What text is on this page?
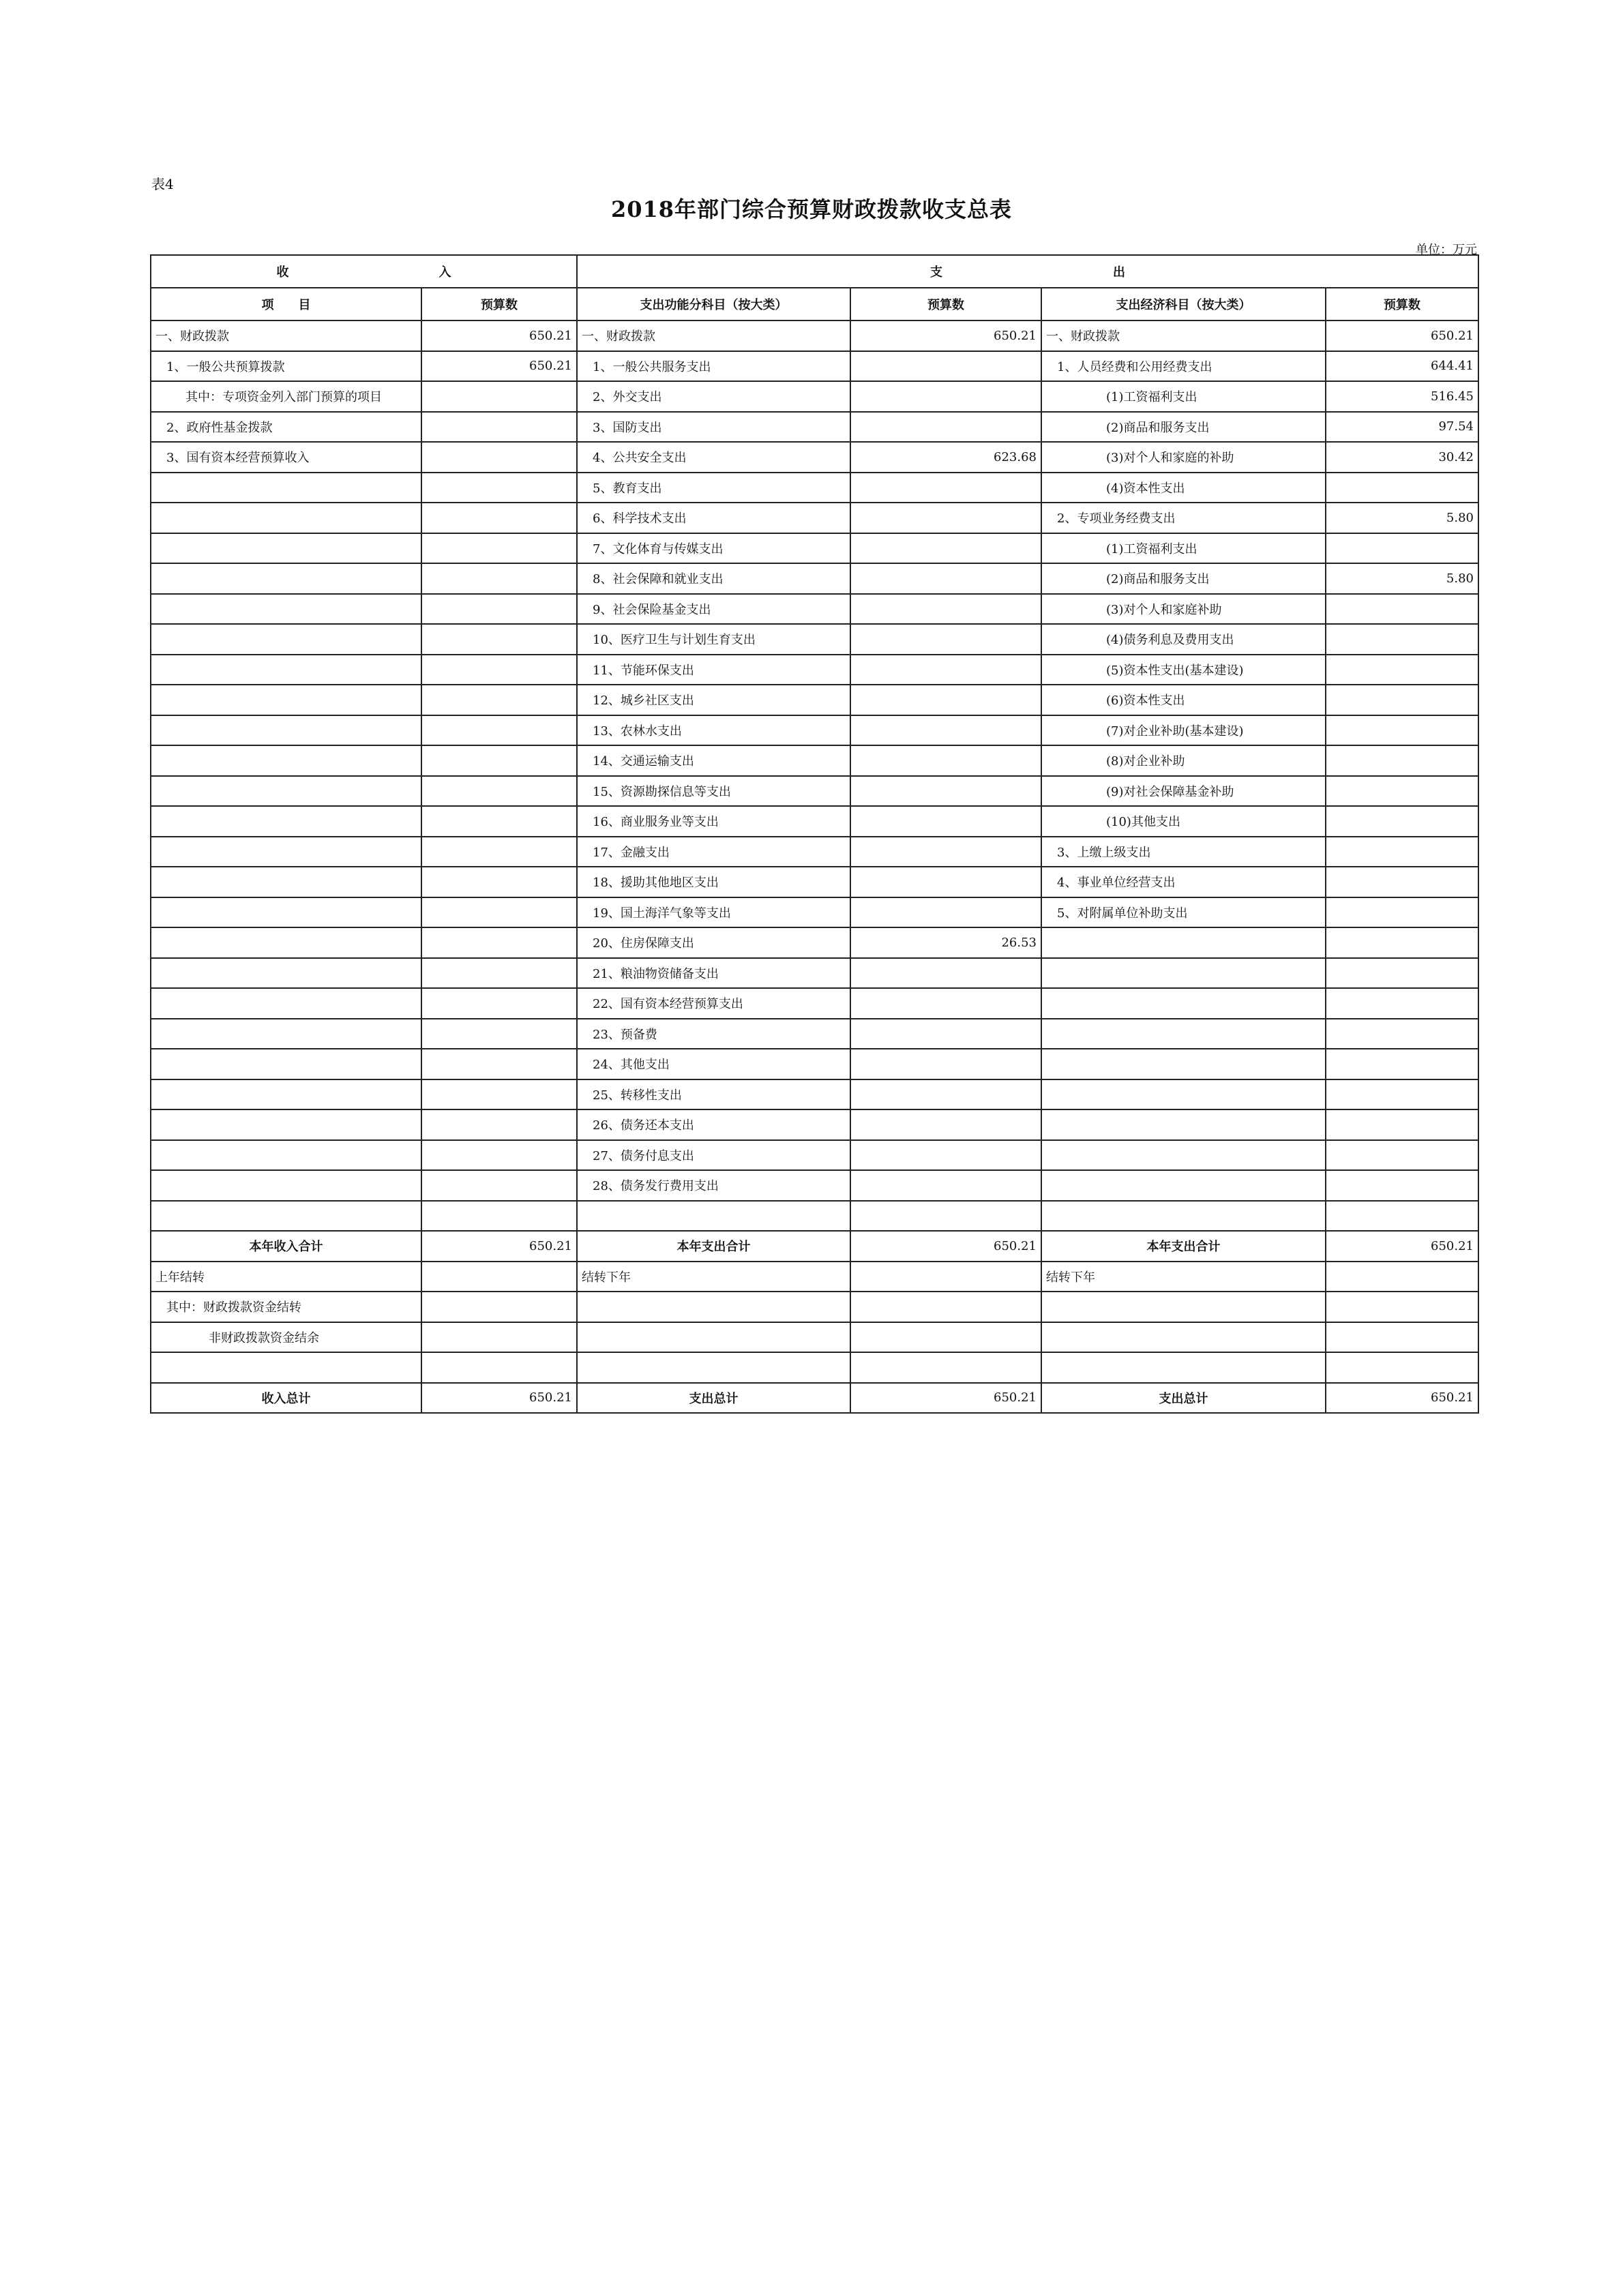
表4
2018年部门综合预算财政拨款收支总表
单位：万元
收 入		支 出			

项　　目	预算数	支出功能分科目（按大类）	预算数	支出经济科目（按大类）	预算数
一、财政拨款	650.21	一、财政拨款	650.21	一、财政拨款	650.21
1、一般公共预算拨款	650.21	1、一般公共服务支出		1、人员经费和公用经费支出	644.41
其中：专项资金列入部门预算的项目		2、外交支出		(1)工资福利支出	516.45
2、政府性基金拨款		3、国防支出		(2)商品和服务支出	97.54
3、国有资本经营预算收入		4、公共安全支出	623.68	(3)对个人和家庭的补助	30.42
		5、教育支出		(4)资本性支出	
		6、科学技术支出		2、专项业务经费支出	5.80
		7、文化体育与传媒支出		(1)工资福利支出	
		8、社会保障和就业支出		(2)商品和服务支出	5.80
		9、社会保险基金支出		(3)对个人和家庭补助	
		10、医疗卫生与计划生育支出		(4)债务利息及费用支出	
		11、节能环保支出		(5)资本性支出(基本建设)	
		12、城乡社区支出		(6)资本性支出	
		13、农林水支出		(7)对企业补助(基本建设)	
		14、交通运输支出		(8)对企业补助	
		15、资源勘探信息等支出		(9)对社会保障基金补助	
		16、商业服务业等支出		(10)其他支出	
		17、金融支出		3、上缴上级支出	
		18、援助其他地区支出		4、事业单位经营支出	
		19、国土海洋气象等支出		5、对附属单位补助支出	
		20、住房保障支出	26.53		
		21、粮油物资储备支出			
		22、国有资本经营预算支出			
		23、预备费			
		24、其他支出			
		25、转移性支出			
		26、债务还本支出			
		27、债务付息支出			
		28、债务发行费用支出			

本年收入合计	650.21	本年支出合计	650.21	本年支出合计	650.21
上年结转		结转下年		结转下年	
其中：财政拨款资金结转					
非财政拨款资金结余					

收入总计	650.21	支出总计	650.21	支出总计	650.21
